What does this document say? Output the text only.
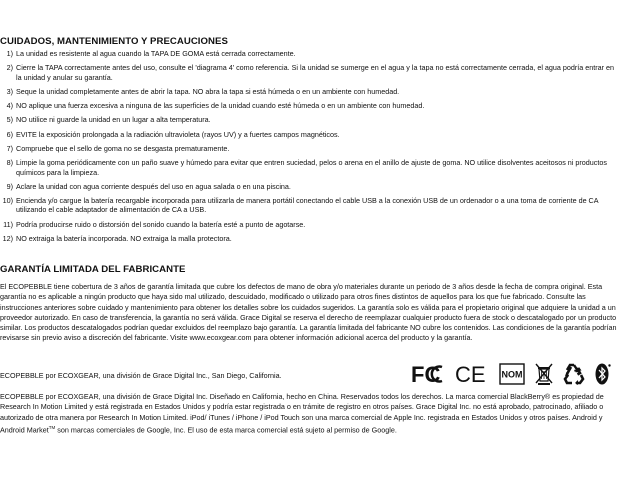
CUIDADOS, MANTENIMIENTO Y PRECAUCIONES
1) La unidad es resistente al agua cuando la TAPA DE GOMA está cerrada correctamente.
2) Cierre la TAPA correctamente antes del uso, consulte el 'diagrama 4' como referencia. Si la unidad se sumerge en el agua y la tapa no está correctamente cerrada, el agua podría entrar en la unidad y anular su garantía.
3) Seque la unidad completamente antes de abrir la tapa. NO abra la tapa si está húmeda o en un ambiente con humedad.
4) NO aplique una fuerza excesiva a ninguna de las superficies de la unidad cuando esté húmeda o en un ambiente con humedad.
5) NO utilice ni guarde la unidad en un lugar a alta temperatura.
6) EVITE la exposición prolongada a la radiación ultravioleta (rayos UV) y a fuertes campos magnéticos.
7) Compruebe que el sello de goma no se desgasta prematuramente.
8) Limpie la goma periódicamente con un paño suave y húmedo para evitar que entren suciedad, pelos o arena en el anillo de ajuste de goma. NO utilice disolventes aceitosos ni productos químicos para la limpieza.
9) Aclare la unidad con agua corriente después del uso en agua salada o en una piscina.
10) Encienda y/o cargue la batería recargable incorporada para utilizarla de manera portátil conectando el cable USB a la conexión USB de un ordenador o a una toma de corriente de CA utilizando el cable adaptador de alimentación de CA a USB.
11) Podría producirse ruido o distorsión del sonido cuando la batería esté a punto de agotarse.
12) NO extraiga la batería incorporada. NO extraiga la malla protectora.
GARANTÍA LIMITADA DEL FABRICANTE

El ECOPEBBLE tiene cobertura de 3 años de garantía limitada que cubre los defectos de mano de obra y/o materiales durante un periodo de 3 años desde la fecha de compra original. Esta garantía no es aplicable a ningún producto que haya sido mal utilizado, descuidado, modificado o utilizado para otros fines distintos de aquellos para los que fue fabricado. Consulte las instrucciones anteriores sobre cuidado y mantenimiento para obtener los detalles sobre los cuidados sugeridos. La garantía solo es válida para el propietario original que adquiere la unidad a un proveedor autorizado. En caso de transferencia, la garantía no será válida. Grace Digital se reserva el derecho de reemplazar cualquier producto fuera de stock o descatalogado por un producto similar. Los productos descatalogados podrían quedar excluidos del reemplazo bajo garantía. La garantía limitada del fabricante NO cubre los contenidos. Las condiciones de la garantía podrían revisarse sin previo aviso a discreción del fabricante. Visite www.ecoxgear.com para obtener información adicional acerca del producto y la garantía.

ECOPEBBLE por ECOXGEAR, una división de Grace Digital Inc., San Diego, California.	FC CE NOM

ECOPEBBLE por ECOXGEAR, una división de Grace Digital Inc. Diseñado en California, hecho en China. Reservados todos los derechos. La marca comercial BlackBerry® es propiedad de Research In Motion Limited y está registrada en Estados Unidos y podría estar registrada o en trámite de registro en otros países. Grace Digital Inc. no está aprobado, patrocinado, afiliado o autorizado de otra manera por Research In Motion Limited. iPod/ iTunes / iPhone / iPod Touch son una marca comercial de Apple Inc. registrada en Estados Unidos y otros países. Android y Android Market™ son marcas comerciales de Google, Inc. El uso de esta marca comercial está sujeto al permiso de Google.
